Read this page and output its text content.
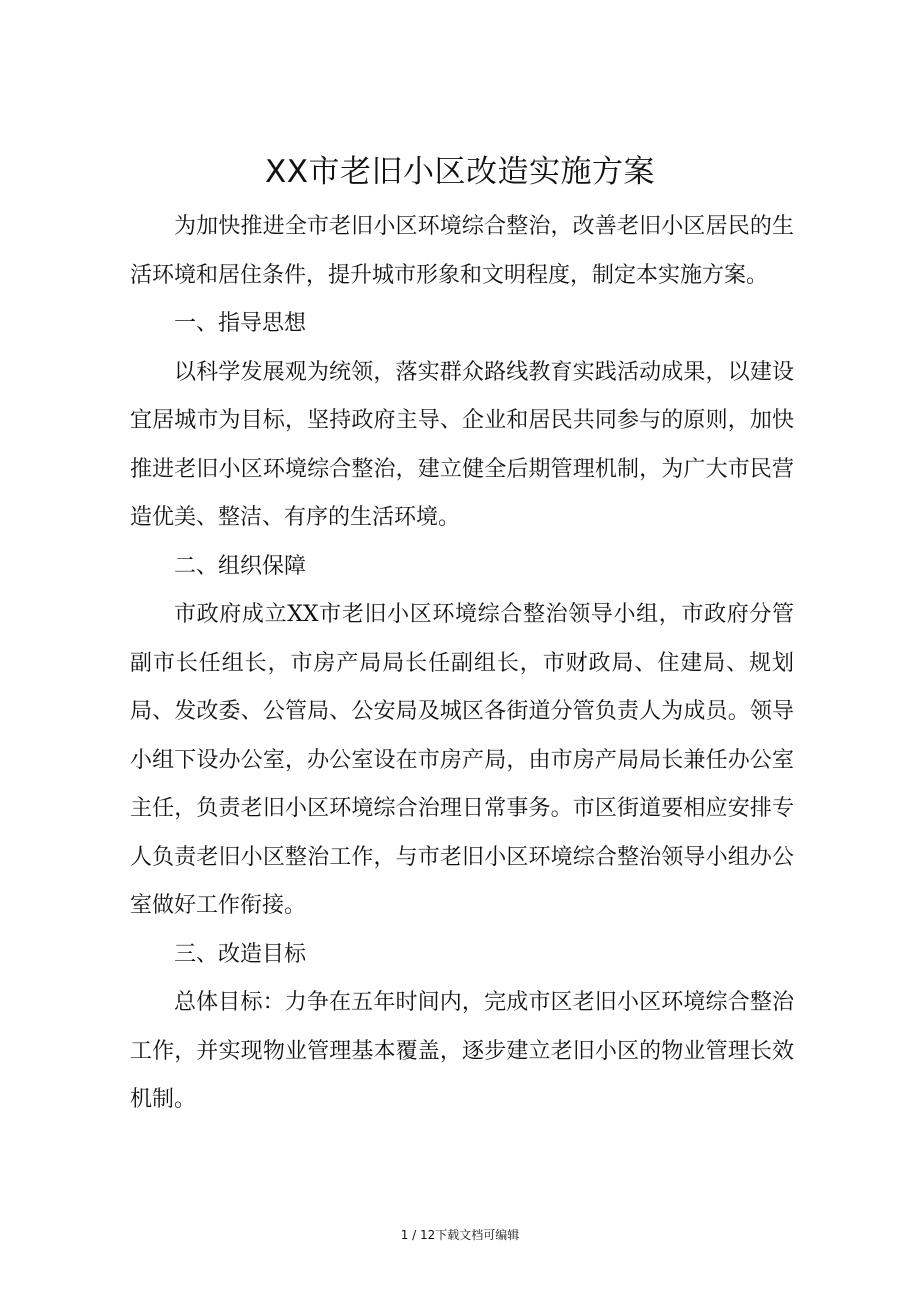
XX市老旧小区改造实施方案

为加快推进全市老旧小区环境综合整治，改善老旧小区居民的生活环境和居住条件，提升城市形象和文明程度，制定本实施方案。

一、指导思想

以科学发展观为统领，落实群众路线教育实践活动成果，以建设宜居城市为目标，坚持政府主导、企业和居民共同参与的原则，加快推进老旧小区环境综合整治，建立健全后期管理机制，为广大市民营造优美、整洁、有序的生活环境。

二、组织保障

市政府成立XX市老旧小区环境综合整治领导小组，市政府分管副市长任组长，市房产局局长任副组长，市财政局、住建局、规划局、发改委、公管局、公安局及城区各街道分管负责人为成员。领导小组下设办公室，办公室设在市房产局，由市房产局局长兼任办公室主任，负责老旧小区环境综合治理日常事务。市区街道要相应安排专人负责老旧小区整治工作，与市老旧小区环境综合整治领导小组办公室做好工作衔接。

三、改造目标

总体目标：力争在五年时间内，完成市区老旧小区环境综合整治工作，并实现物业管理基本覆盖，逐步建立老旧小区的物业管理长效机制。

1 / 12下载文档可编辑
